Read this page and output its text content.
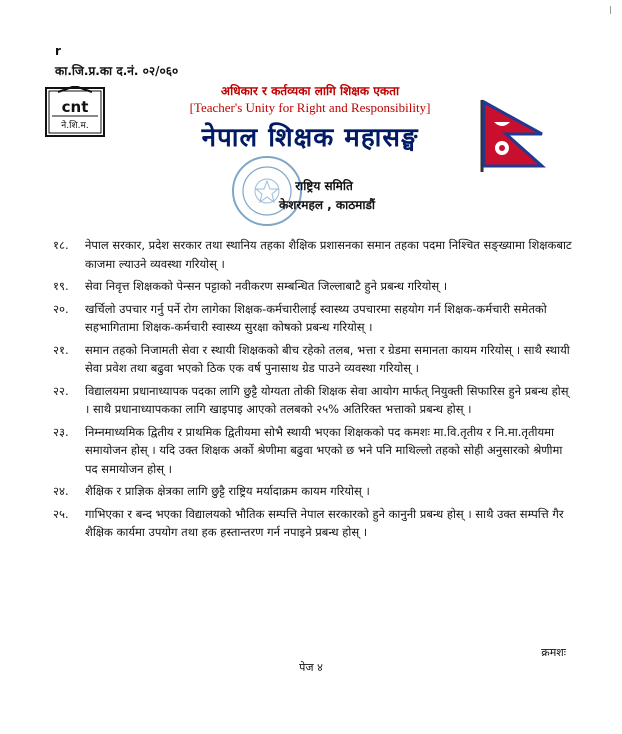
r
का.जि.प्र.का द.नं. ०२/०६०
cnt
ने.शि.म.
अधिकार र कर्तव्यका लागि शिक्षक एकता
[Teacher's Unity for Right and Responsibility]
नेपाल शिक्षक महासङ्घ
राष्ट्रिय समिति
केशरमहल , काठमाडौं
१८.	नेपाल सरकार, प्रदेश सरकार तथा स्थानिय तहका शैक्षिक प्रशासनका समान तहका पदमा निश्चित सङ्ख्यामा शिक्षकबाट काजमा ल्याउने व्यवस्था गरियोस् ।
१९.	सेवा निवृत्त शिक्षकको पेन्सन पट्टाको नवीकरण सम्बन्धित जिल्लाबाटै हुने प्रबन्ध गरियोस् ।
२०.	खर्चिलो उपचार गर्नु पर्ने रोग लागेका शिक्षक-कर्मचारीलाई स्वास्थ्य उपचारमा सहयोग गर्न शिक्षक-कर्मचारी समेतको सहभागितामा शिक्षक-कर्मचारी स्वास्थ्य सुरक्षा कोषको प्रबन्ध गरियोस् ।
२१.	समान तहको निजामती सेवा र स्थायी शिक्षकको बीच रहेको तलब, भत्ता र ग्रेडमा समानता कायम गरियोस् । साथै स्थायी सेवा प्रवेश तथा बढुवा भएको ठिक एक वर्ष पुनासाथ ग्रेड पाउने व्यवस्था गरियोस् ।
२२.	विद्यालयमा प्रधानाध्यापक पदका लागि छुट्टै योग्यता तोकी शिक्षक सेवा आयोग मार्फत् नियुक्ती सिफारिस हुने प्रबन्ध होस् । साथै प्रधानाध्यापकका लागि खाइपाइ आएको तलबको २५% अतिरिक्त भत्ताको प्रबन्ध होस् ।
२३.	निम्नमाध्यमिक द्वितीय र प्राथमिक द्वितीयमा सोभै स्थायी भएका शिक्षकको पद कमशः मा.वि.तृतीय र नि.मा.तृतीयमा समायोजन होस् । यदि उक्त शिक्षक अर्को श्रेणीमा बढुवा भएको छ भने पनि माथिल्लो तहको सोही अनुसारको श्रेणीमा पद समायोजन होस् ।
२४.	शैक्षिक र प्राज्ञिक क्षेत्रका लागि छुट्टै राष्ट्रिय मर्यादाक्रम कायम गरियोस् ।
२५.	गाभिएका र बन्द भएका विद्यालयको भौतिक सम्पत्ति नेपाल सरकारको हुने कानुनी प्रबन्ध होस् । साथै उक्त सम्पत्ति गैर शैक्षिक कार्यमा उपयोग तथा हक हस्तान्तरण गर्न नपाइने प्रबन्ध होस् ।
क्रमशः
पेज ४
